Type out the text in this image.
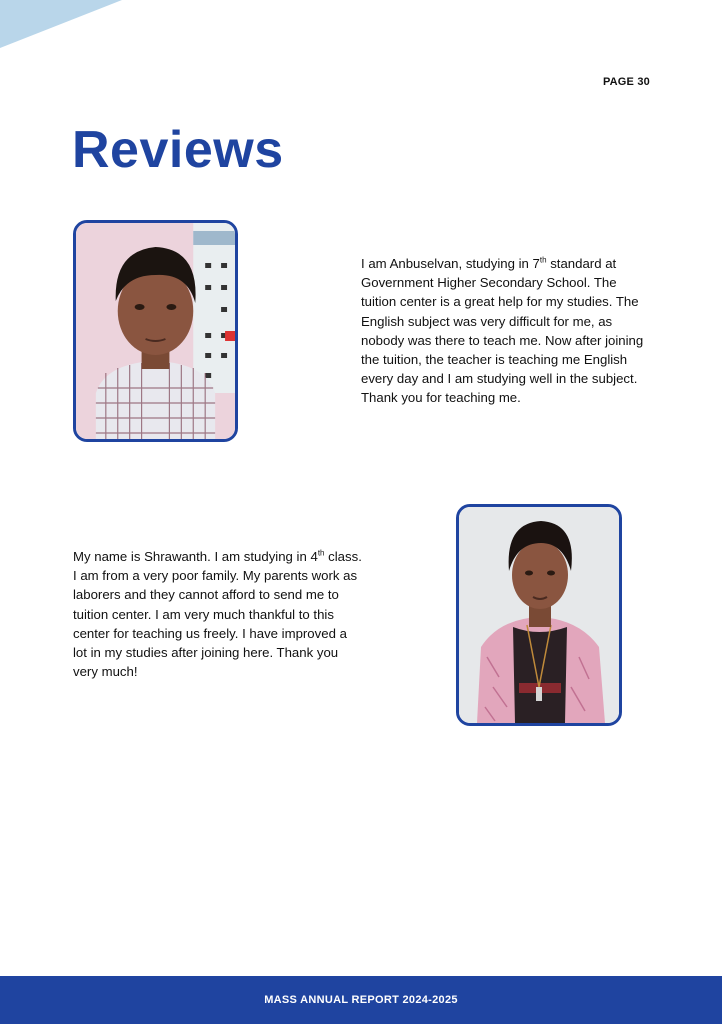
PAGE 30
Reviews

I am Anbuselvan, studying in 7th standard at Government Higher Secondary School. The tuition center is a great help for my studies. The English subject was very difficult for me, as nobody was there to teach me. Now after joining the tuition, the teacher is teaching me English every day and I am studying well in the subject. Thank you for teaching me.

My name is Shrawanth. I am studying in 4th class. I am from a very poor family. My parents work as laborers and they cannot afford to send me to tuition center. I am very much thankful to this center for teaching us freely. I have improved a lot in my studies after joining here. Thank you very much!

MASS ANNUAL REPORT 2024-2025
